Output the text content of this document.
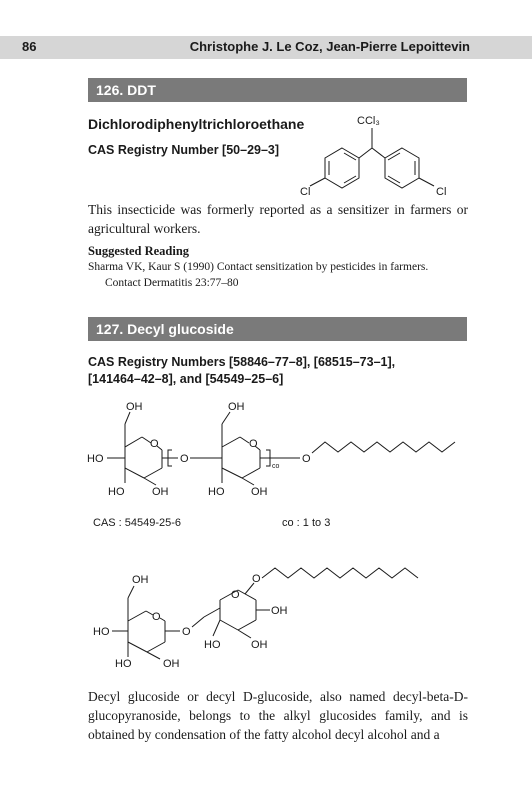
86	Christophe J. Le Coz, Jean-Pierre Lepoittevin
126. DDT
Dichlorodiphenyltrichloroethane
CAS Registry Number [50–29–3]
CCl₃
Cl	Cl
This insecticide was formerly reported as a sensitizer in farmers or agricultural workers.
Suggested Reading
Sharma VK, Kaur S (1990) Contact sensitization by pesticides in farmers.
Contact Dermatitis 23:77–80
127. Decyl glucoside
CAS Registry Numbers [58846–77–8], [68515–73–1],
[141464–42–8], and [54549–25–6]
OH	OH
HO
O
O
O
O
co
HO	OH	HO OH
CAS : 54549-25-6	co : 1 to 3
OH
HO
O
O
O
O
OH
HO	OH
HO	OH
Decyl glucoside or decyl D-glucoside, also named decyl-beta-D-glucopyranoside, belongs to the alkyl glucosides family, and is obtained by condensation of the fatty alcohol decyl alcohol and a
